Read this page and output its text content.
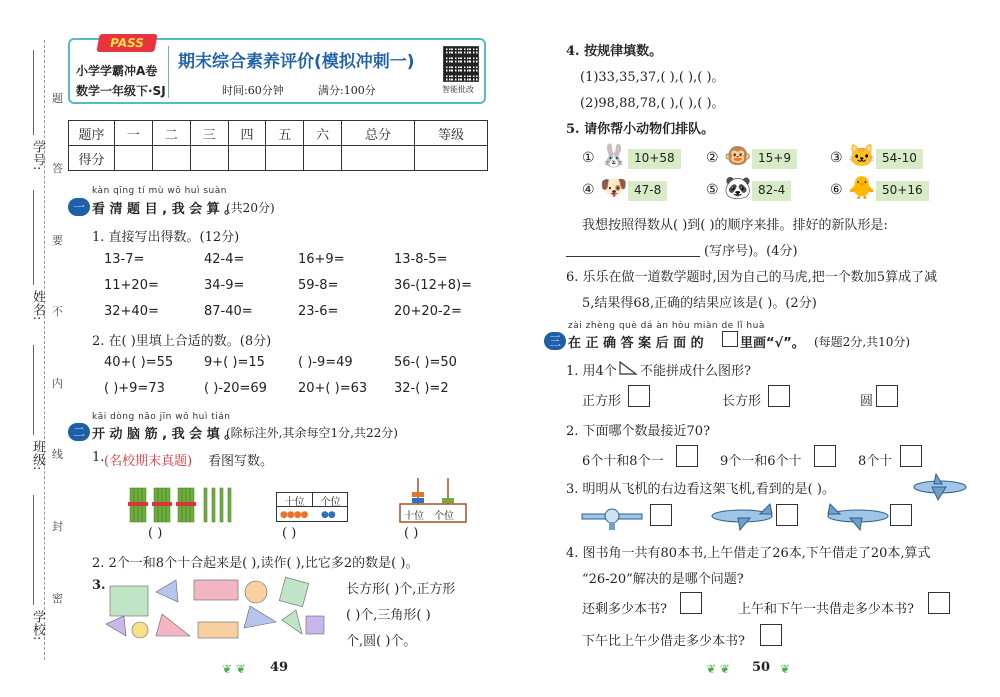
学校:
班级:
姓名:
学号:
题
答
要
不
内
线
封
密
PASS
小学学霸冲A卷
数学一年级下·SJ
期末综合素养评价(模拟冲刺一)
时间:60分钟	满分:100分	智能批改
题序	一	二	三	四	五	六	总分	等级
得分								
kàn qīng tí mù wǒ huì suàn
一 看 清 题 目 , 我 会 算 。
(共20分)
1. 直接写出得数。(12分)
13-7=	42-4=	16+9=	13-8-5=
11+20=	34-9=	59-8=	36-(12+8)=
32+40=	87-40=	23-6=	20+20-2=
2. 在( )里填上合适的数。(8分)
40+( )=55 9+( )=15	( )-9=49	56-( )=50
( )+9=73	( )-20=69 20+( )=63 32-( )=2
kāi dòng nǎo jīn wǒ huì tián
二 开 动 脑 筋 , 我 会 填 。
(除标注外,其余每空1分,共22分)
1. (名校期末真题) 看图写数。
( )
十位	个位
●●●● ●●
( )
十位 个位
( )
2. 2个一和8个十合起来是( ),读作( ),比它多2的数是( )。
3.	长方形( )个,正方形
( )个,三角形( )
个,圆( )个。
❦ ❦ 49
4. 按规律填数。
(1)33,35,37,( ),( ),( )。
(2)98,88,78,( ),( ),( )。
5. 请你帮小动物们排队。
① 🐰 10+58	② 🐵 15+9	③ 🐱 54-10
④ 🐶 47-8	⑤ 🐼 82-4	⑥ 🐥 50+16
我想按照得数从( )到( )的顺序来排。排好的新队形是:
(写序号)。(4分)
6. 乐乐在做一道数学题时,因为自己的马虎,把一个数加5算成了减
5,结果得68,正确的结果应该是( )。(2分)
zài zhèng què dá àn hòu miàn de lǐ huà
三 在 正 确 答 案 后 面 的	里画“√”。 (每题2分,共10分)
1. 用4个 不能拼成什么图形?
正方形	长方形	圆
2. 下面哪个数最接近70?
6个十和8个一	9个一和6个十	8个十
3. 明明从飞机的右边看这架飞机,看到的是( )。
4. 图书角一共有80本书,上午借走了26本,下午借走了20本,算式
“26-20”解决的是哪个问题?
还剩多少本书?	上午和下午一共借走多少本书?
下午比上午少借走多少本书?
❦ ❦ 50 ❦
